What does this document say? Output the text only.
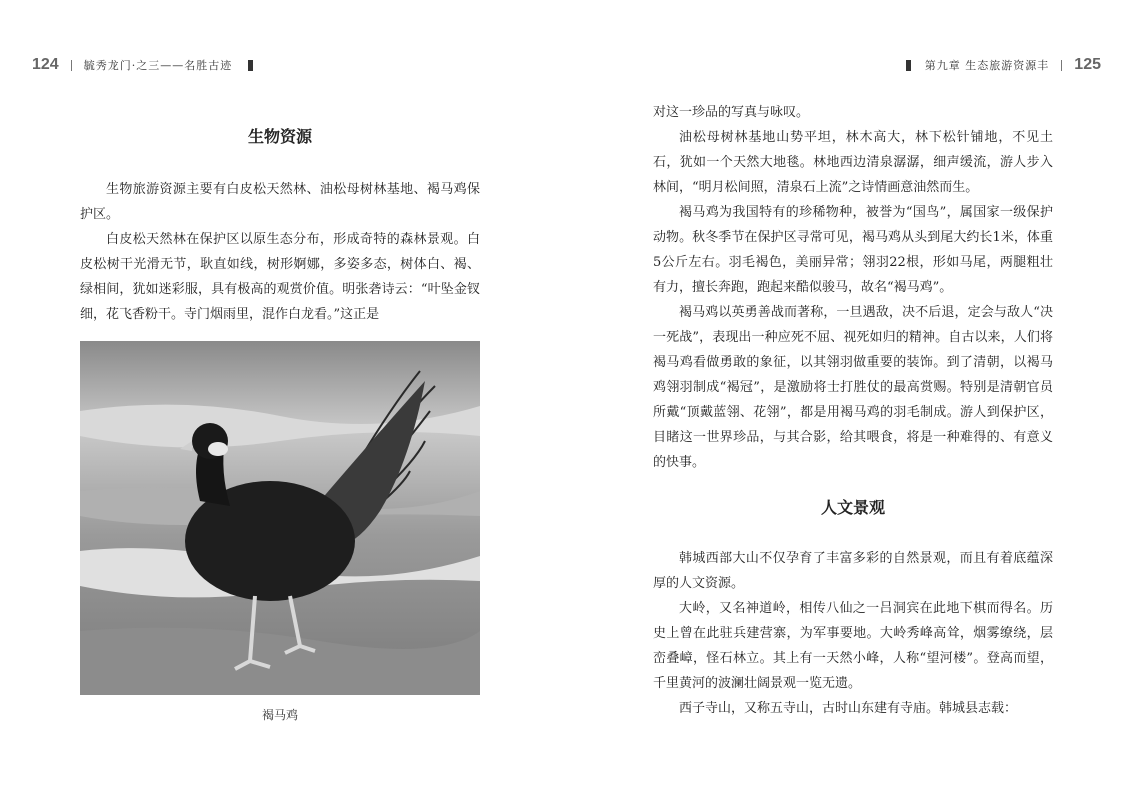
124 毓秀龙门·之三——名胜古迹	第九章 生态旅游资源丰 125
生物资源

生物旅游资源主要有白皮松天然林、油松母树林基地、褐马鸡保护区。

白皮松天然林在保护区以原生态分布，形成奇特的森林景观。白皮松树干光滑无节，耿直如线，树形婀娜，多姿多态，树体白、褐、绿相间，犹如迷彩服，具有极高的观赏价值。明张砻诗云：“叶坠金钗细，花飞香粉干。寺门烟雨里，混作白龙看。”这正是

褐马鸡

对这一珍品的写真与咏叹。

油松母树林基地山势平坦，林木高大，林下松针铺地，不见土石，犹如一个天然大地毯。林地西边清泉潺潺，细声缓流，游人步入林间，“明月松间照，清泉石上流”之诗情画意油然而生。

褐马鸡为我国特有的珍稀物种，被誉为“国鸟”，属国家一级保护动物。秋冬季节在保护区寻常可见，褐马鸡从头到尾大约长1米，体重5公斤左右。羽毛褐色，美丽异常；翎羽22根，形如马尾，两腿粗壮有力，擅长奔跑，跑起来酷似骏马，故名“褐马鸡”。

褐马鸡以英勇善战而著称，一旦遇敌，决不后退，定会与敌人“决一死战”，表现出一种应死不屈、视死如归的精神。自古以来，人们将褐马鸡看做勇敢的象征，以其翎羽做重要的装饰。到了清朝，以褐马鸡翎羽制成“褐冠”，是激励将士打胜仗的最高赏赐。特别是清朝官员所戴“顶戴蓝翎、花翎”，都是用褐马鸡的羽毛制成。游人到保护区，目睹这一世界珍品，与其合影，给其喂食，将是一种难得的、有意义的快事。

人文景观

韩城西部大山不仅孕育了丰富多彩的自然景观，而且有着底蕴深厚的人文资源。

大岭，又名神道岭，相传八仙之一吕洞宾在此地下棋而得名。历史上曾在此驻兵建营寨，为军事要地。大岭秀峰高耸，烟雾缭绕，层峦叠嶂，怪石林立。其上有一天然小峰，人称“望河楼”。登高而望，千里黄河的波澜壮阔景观一览无遗。

西子寺山，又称五寺山，古时山东建有寺庙。韩城县志载：
